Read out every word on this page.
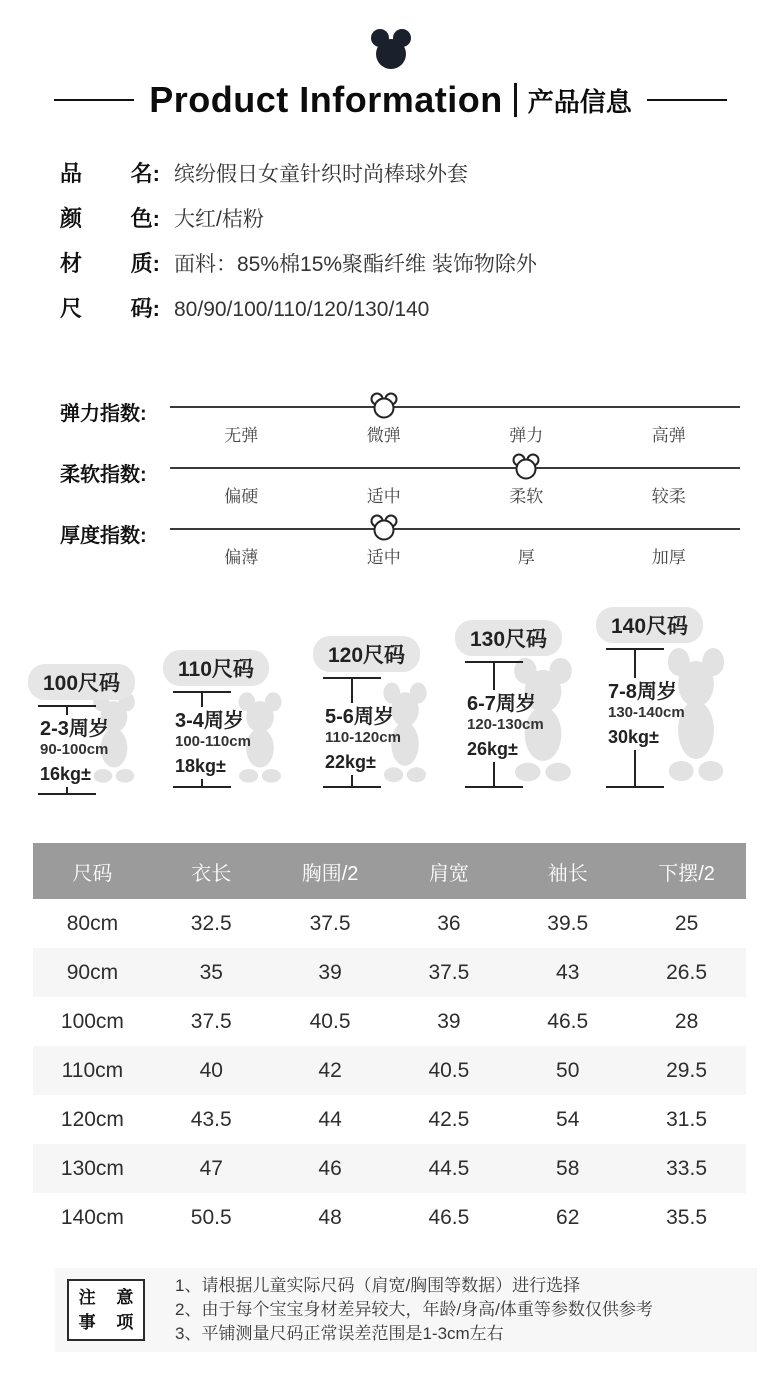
Product Information 产品信息
品 名: 缤纷假日女童针织时尚棒球外套
颜 色: 大红/桔粉
材 质: 面料：85%棉15%聚酯纤维 装饰物除外
尺 码: 80/90/100/110/120/130/140
弹力指数:
无弹	微弹	弹力	高弹
柔软指数:
偏硬	适中	柔软	较柔
厚度指数:
偏薄	适中	厚	加厚
100尺码
2-3周岁
90-100cm
16kg±
110尺码
3-4周岁
100-110cm
18kg±
120尺码
5-6周岁
110-120cm
22kg±
130尺码
6-7周岁
120-130cm
26kg±
140尺码
7-8周岁
130-140cm
30kg±
尺码	衣长	胸围/2	肩宽	袖长	下摆/2
80cm	32.5	37.5	36	39.5	25
90cm	35	39	37.5	43	26.5
100cm	37.5	40.5	39	46.5	28
110cm	40	42	40.5	50	29.5
120cm	43.5	44	42.5	54	31.5
130cm	47	46	44.5	58	33.5
140cm	50.5	48	46.5	62	35.5
注 意
事 项
1、请根据儿童实际尺码（肩宽/胸围等数据）进行选择
2、由于每个宝宝身材差异较大，年龄/身高/体重等参数仅供参考
3、平铺测量尺码正常误差范围是1-3cm左右
